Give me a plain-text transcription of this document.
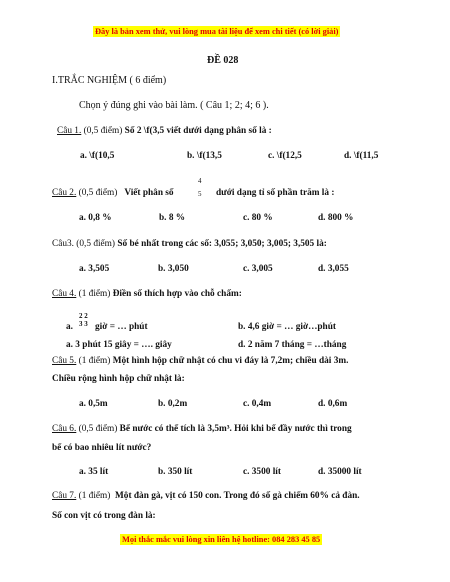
Đây là bản xem thử, vui lòng mua tài liệu để xem chi tiết (có lời giải)
ĐỀ 028
I.TRẮC NGHIỆM ( 6 điểm)
Chọn ý đúng ghi vào bài làm. ( Câu 1; 2; 4; 6 ).
Câu 1. (0,5 điểm) Số 2 \f(3,5 viết dưới dạng phân số là :
a. \f(10,5	b. \f(13,5	c. \f(12,5	d. \f(11,5
Câu 2. (0,5 điểm) Viết phân số
4
5 dưới dạng tỉ số phần trăm là :
a. 0,8 %	b. 8 %	c. 80 %	d. 800 %
Câu3. (0,5 điểm) Số bé nhất trong các số: 3,055; 3,050; 3,005; 3,505 là:
a. 3,505	b. 3,050	c. 3,005	d. 3,055
Câu 4. (1 điểm) Điền số thích hợp vào chỗ chấm:
a.
2 2
3 3 giờ = … phút	b. 4,6 giờ = … giờ…phút
a. 3 phút 15 giây = …. giây	d. 2 năm 7 tháng = …tháng
Câu 5. (1 điểm) Một hình hộp chữ nhật có chu vi đáy là 7,2m; chiều dài 3m.
Chiều rộng hình hộp chữ nhật là:
a. 0,5m	b. 0,2m	c. 0,4m	d. 0,6m
Câu 6. (0,5 điểm) Bể nước có thể tích là 3,5m³. Hỏi khi bể đầy nước thì trong
bể có bao nhiêu lít nước?
a. 35 lít	b. 350 lít	c. 3500 lít	d. 35000 lít
Câu 7. (1 điểm) Một đàn gà, vịt có 150 con. Trong đó số gà chiếm 60% cả đàn.
Số con vịt có trong đàn là:
Mọi thắc mắc vui lòng xin liên hệ hotline: 084 283 45 85
